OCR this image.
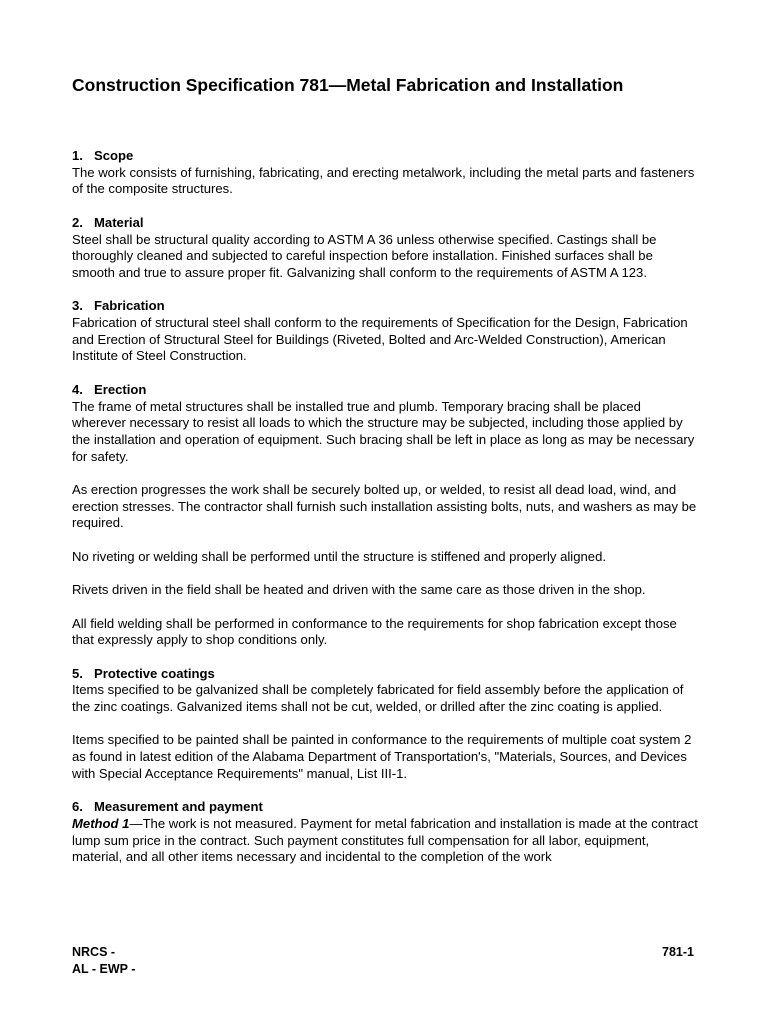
Construction Specification 781—Metal Fabrication and Installation
1. Scope
The work consists of furnishing, fabricating, and erecting metalwork, including the metal parts and fasteners of the composite structures.
2. Material
Steel shall be structural quality according to ASTM A 36 unless otherwise specified. Castings shall be thoroughly cleaned and subjected to careful inspection before installation. Finished surfaces shall be smooth and true to assure proper fit. Galvanizing shall conform to the requirements of ASTM A 123.
3. Fabrication
Fabrication of structural steel shall conform to the requirements of Specification for the Design, Fabrication and Erection of Structural Steel for Buildings (Riveted, Bolted and Arc-Welded Construction), American Institute of Steel Construction.
4. Erection
The frame of metal structures shall be installed true and plumb. Temporary bracing shall be placed wherever necessary to resist all loads to which the structure may be subjected, including those applied by the installation and operation of equipment. Such bracing shall be left in place as long as may be necessary for safety.
As erection progresses the work shall be securely bolted up, or welded, to resist all dead load, wind, and erection stresses. The contractor shall furnish such installation assisting bolts, nuts, and washers as may be required.
No riveting or welding shall be performed until the structure is stiffened and properly aligned.
Rivets driven in the field shall be heated and driven with the same care as those driven in the shop.
All field welding shall be performed in conformance to the requirements for shop fabrication except those that expressly apply to shop conditions only.
5. Protective coatings
Items specified to be galvanized shall be completely fabricated for field assembly before the application of the zinc coatings. Galvanized items shall not be cut, welded, or drilled after the zinc coating is applied.
Items specified to be painted shall be painted in conformance to the requirements of multiple coat system 2 as found in latest edition of the Alabama Department of Transportation's, "Materials, Sources, and Devices with Special Acceptance Requirements" manual, List III-1.
6. Measurement and payment
Method 1—The work is not measured. Payment for metal fabrication and installation is made at the contract lump sum price in the contract. Such payment constitutes full compensation for all labor, equipment, material, and all other items necessary and incidental to the completion of the work
NRCS -
AL - EWP -
781-1
